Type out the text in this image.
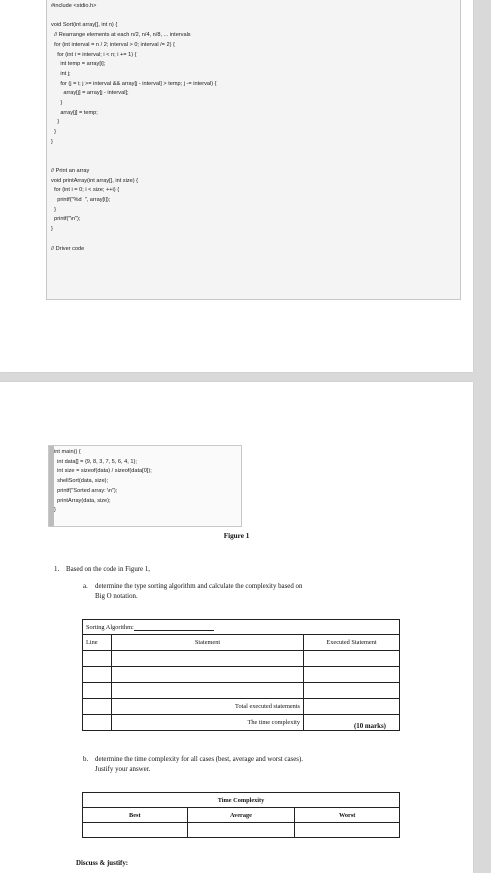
#include <stdio.h>
void Sort(int array[], int n) {
// Rearrange elements at each n/2, n/4, n/8, ... intervals
for (int interval = n / 2; interval > 0; interval /= 2) {
for (int i = interval; i < n; i += 1) {
int temp = array[i];
int j;
for (j = i; j >= interval && array[j - interval] > temp; j -= interval) {
array[j] = array[j - interval];
}
array[j] = temp;
}
}
}
// Print an array
void printArray(int array[], int size) {
for (int i = 0; i < size; ++i) {
printf("%d  ", array[i]);
}
printf("\n");
}
// Driver code
int main() {
int data[] = {9, 8, 3, 7, 5, 6, 4, 1};
int size = sizeof(data) / sizeof(data[0]);
shellSort(data, size);
printf("Sorted array: \n");
printArray(data, size);
}
Figure 1
1. Based on the code in Figure 1,
a. determine the type sorting algorithm and calculate the complexity based on
Big O notation.
Sorting Algorithm:		
Line	Statement	Executed Statement

	Total executed statements	
	The time complexity	
(10 marks)
b. determine the time complexity for all cases (best, average and worst cases).
Justify your answer.
Time Complexity		
Best	Average	Worst

Discuss & justify:
